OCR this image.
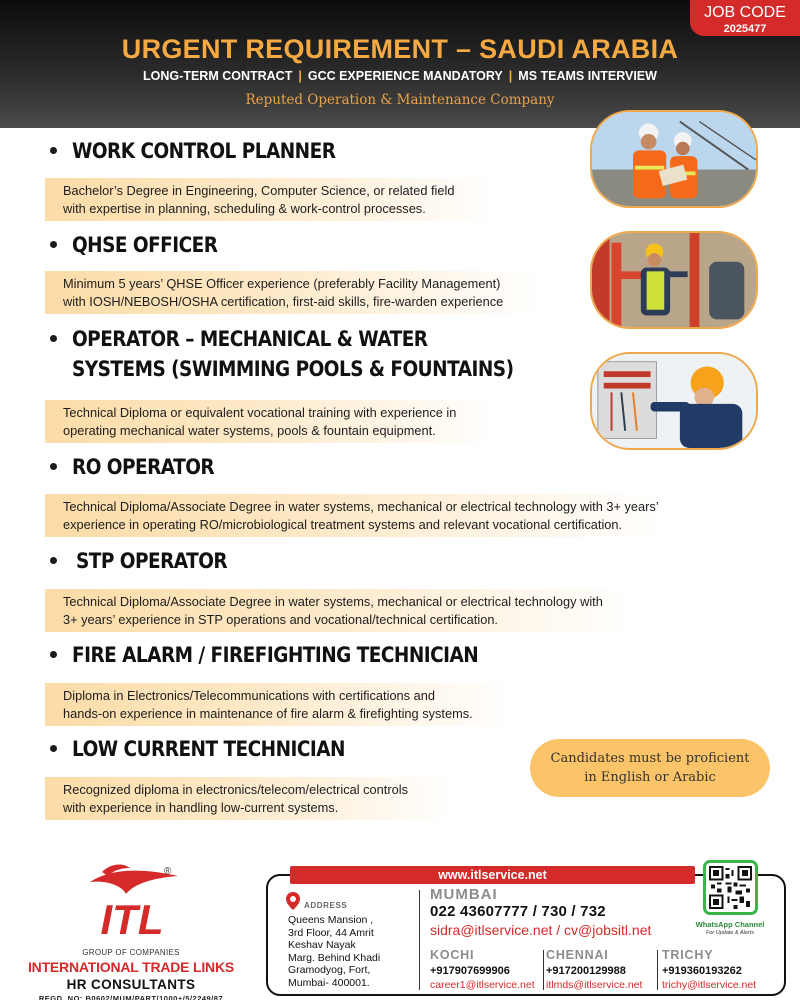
JOB CODE
2025477
URGENT REQUIREMENT – SAUDI ARABIA
LONG-TERM CONTRACT | GCC EXPERIENCE MANDATORY | MS TEAMS INTERVIEW
Reputed Operation & Maintenance Company
WORK CONTROL PLANNER
Bachelor’s Degree in Engineering, Computer Science, or related field
with expertise in planning, scheduling & work-control processes.
QHSE OFFICER
Minimum 5 years’ QHSE Officer experience (preferably Facility Management)
with IOSH/NEBOSH/OSHA certification, first-aid skills, fire-warden experience
OPERATOR – MECHANICAL & WATER
SYSTEMS (SWIMMING POOLS & FOUNTAINS)
Technical Diploma or equivalent vocational training with experience in
operating mechanical water systems, pools & fountain equipment.
RO OPERATOR
Technical Diploma/Associate Degree in water systems, mechanical or electrical technology with 3+ years’
experience in operating RO/microbiological treatment systems and relevant vocational certification.
STP OPERATOR
Technical Diploma/Associate Degree in water systems, mechanical or electrical technology with
3+ years’ experience in STP operations and vocational/technical certification.
FIRE ALARM / FIREFIGHTING TECHNICIAN
Diploma in Electronics/Telecommunications with certifications and
hands-on experience in maintenance of fire alarm & firefighting systems.
LOW CURRENT TECHNICIAN
Recognized diploma in electronics/telecom/electrical controls
with experience in handling low-current systems.
Candidates must be proficient
in English or Arabic
ITL
®
GROUP OF COMPANIES
INTERNATIONAL TRADE LINKS
HR CONSULTANTS
REGD. NO: B0602/MUM/PART/1000+/5/2249/87
www.itlservice.net
ADDRESS
Queens Mansion ,
3rd Floor, 44 Amrit
Keshav Nayak
Marg. Behind Khadi
Gramodyog, Fort,
Mumbai- 400001.
MUMBAI
022 43607777 / 730 / 732
sidra@itlservice.net / cv@jobsitl.net
KOCHI
+917907699906
career1@itlservice.net
CHENNAI
+917200129988
itlmds@itlservice.net
TRICHY
+919360193262
trichy@itlservice.net
WhatsApp Channel
For Update & Alerts
